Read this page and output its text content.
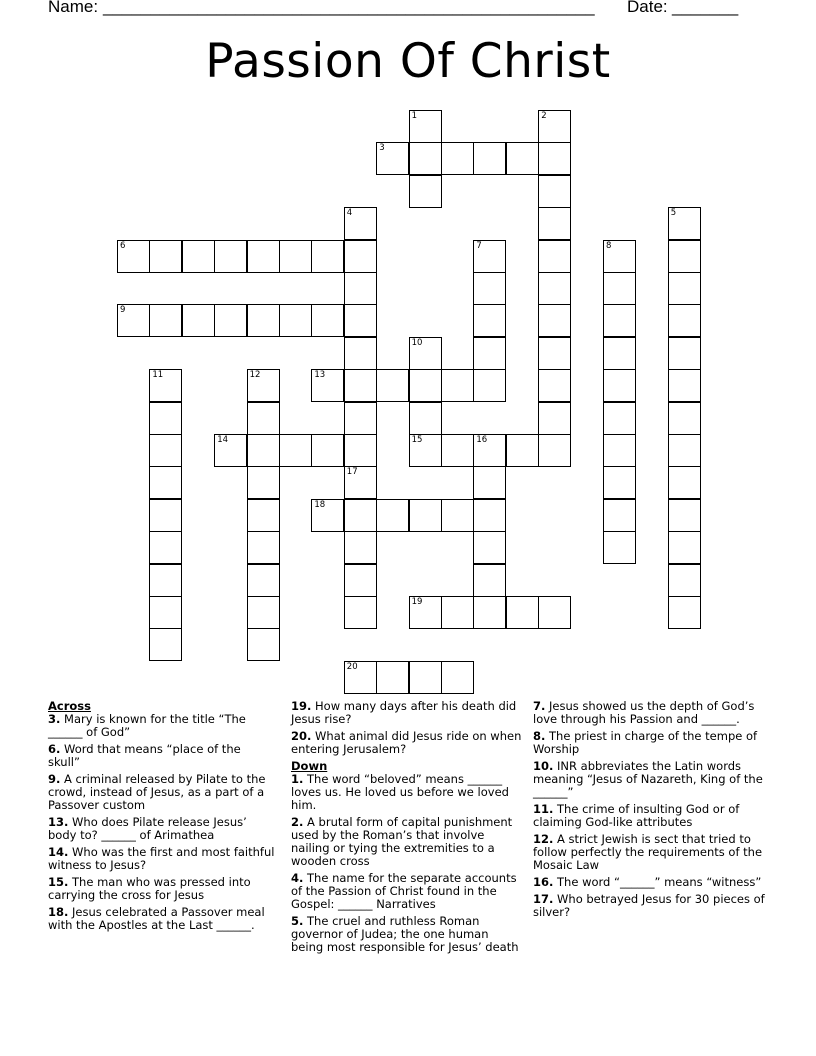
Name: ____________________________________________________ Date: _______
Passion Of Christ
3
6
9
13
14	15	16
18
19
20
1	2
4	5
7	8
10
11	12
17
Across
3. Mary is known for the title “The ______ of God”
6. Word that means “place of the skull”
9. A criminal released by Pilate to the crowd, instead of Jesus, as a part of a Passover custom
13. Who does Pilate release Jesus’ body to? ______ of Arimathea
14. Who was the first and most faithful witness to Jesus?
15. The man who was pressed into carrying the cross for Jesus
18. Jesus celebrated a Passover meal with the Apostles at the Last ______.
19. How many days after his death did Jesus rise?
20. What animal did Jesus ride on when entering Jerusalem?
Down
1. The word “beloved” means ______ loves us. He loved us before we loved him.
2. A brutal form of capital punishment used by the Roman’s that involve nailing or tying the extremities to a wooden cross
4. The name for the separate accounts of the Passion of Christ found in the Gospel: ______ Narratives
5. The cruel and ruthless Roman governor of Judea; the one human being most responsible for Jesus’ death
7. Jesus showed us the depth of God’s love through his Passion and ______.
8. The priest in charge of the tempe of Worship
10. INR abbreviates the Latin words meaning “Jesus of Nazareth, King of the ______”
11. The crime of insulting God or of claiming God-like attributes
12. A strict Jewish is sect that tried to follow perfectly the requirements of the Mosaic Law
16. The word “______” means “witness”
17. Who betrayed Jesus for 30 pieces of silver?
